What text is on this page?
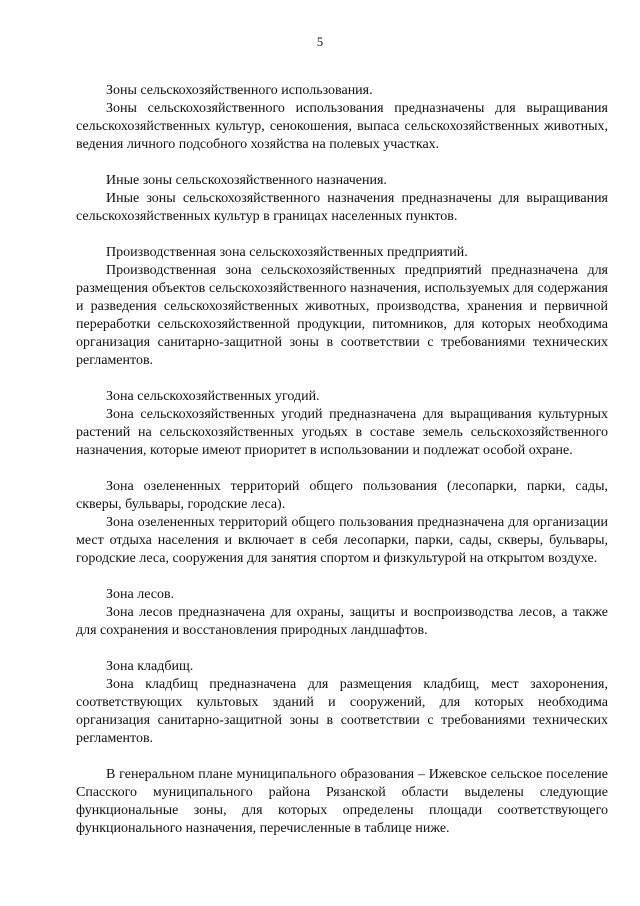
5

Зоны сельскохозяйственного использования.

Зоны сельскохозяйственного использования предназначены для выращивания сельскохозяйственных культур, сенокошения, выпаса сельскохозяйственных животных, ведения личного подсобного хозяйства на полевых участках.

Иные зоны сельскохозяйственного назначения.

Иные зоны сельскохозяйственного назначения предназначены для выращивания сельскохозяйственных культур в границах населенных пунктов.

Производственная зона сельскохозяйственных предприятий.

Производственная зона сельскохозяйственных предприятий предназначена для размещения объектов сельскохозяйственного назначения, используемых для содержания и разведения сельскохозяйственных животных, производства, хранения и первичной переработки сельскохозяйственной продукции, питомников, для которых необходима организация санитарно-защитной зоны в соответствии с требованиями технических регламентов.

Зона сельскохозяйственных угодий.

Зона сельскохозяйственных угодий предназначена для выращивания культурных растений на сельскохозяйственных угодьях в составе земель сельскохозяйственного назначения, которые имеют приоритет в использовании и подлежат особой охране.

Зона озелененных территорий общего пользования (лесопарки, парки, сады, скверы, бульвары, городские леса).

Зона озелененных территорий общего пользования предназначена для организации мест отдыха населения и включает в себя лесопарки, парки, сады, скверы, бульвары, городские леса, сооружения для занятия спортом и физкультурой на открытом воздухе.

Зона лесов.

Зона лесов предназначена для охраны, защиты и воспроизводства лесов, а также для сохранения и восстановления природных ландшафтов.

Зона кладбищ.

Зона кладбищ предназначена для размещения кладбищ, мест захоронения, соответствующих культовых зданий и сооружений, для которых необходима организация санитарно-защитной зоны в соответствии с требованиями технических регламентов.

В генеральном плане муниципального образования – Ижевское сельское поселение Спасского муниципального района Рязанской области выделены следующие функциональные зоны, для которых определены площади соответствующего функционального назначения, перечисленные в таблице ниже.
